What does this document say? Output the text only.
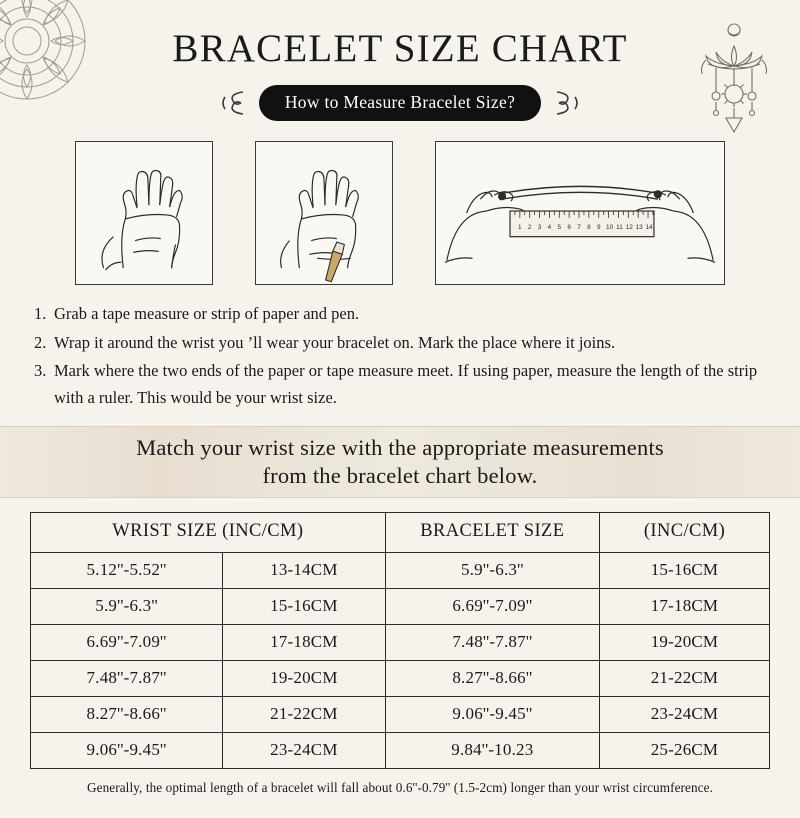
BRACELET SIZE CHART
How to Measure Bracelet Size?
1 2 3 4 5 6 7 8 9 10 11 12 13 14
1. Grab a tape measure or strip of paper and pen.
2. Wrap it around the wrist you ’ll wear your bracelet on. Mark the place where it joins.
3. Mark where the two ends of the paper or tape measure meet. If using paper, measure the length of the strip with a ruler. This would be your wrist size.
Match your wrist size with the appropriate measurements
from the bracelet chart below.
WRIST SIZE (INC/CM)		BRACELET SIZE	(INC/CM)
5.12''-5.52''	13-14CM	5.9''-6.3''	15-16CM
5.9''-6.3''	15-16CM	6.69''-7.09''	17-18CM
6.69''-7.09''	17-18CM	7.48''-7.87''	19-20CM
7.48''-7.87''	19-20CM	8.27''-8.66''	21-22CM
8.27''-8.66''	21-22CM	9.06''-9.45''	23-24CM
9.06''-9.45''	23-24CM	9.84''-10.23	25-26CM
Generally, the optimal length of a bracelet will fall about 0.6''-0.79'' (1.5-2cm) longer than your wrist circumference.
